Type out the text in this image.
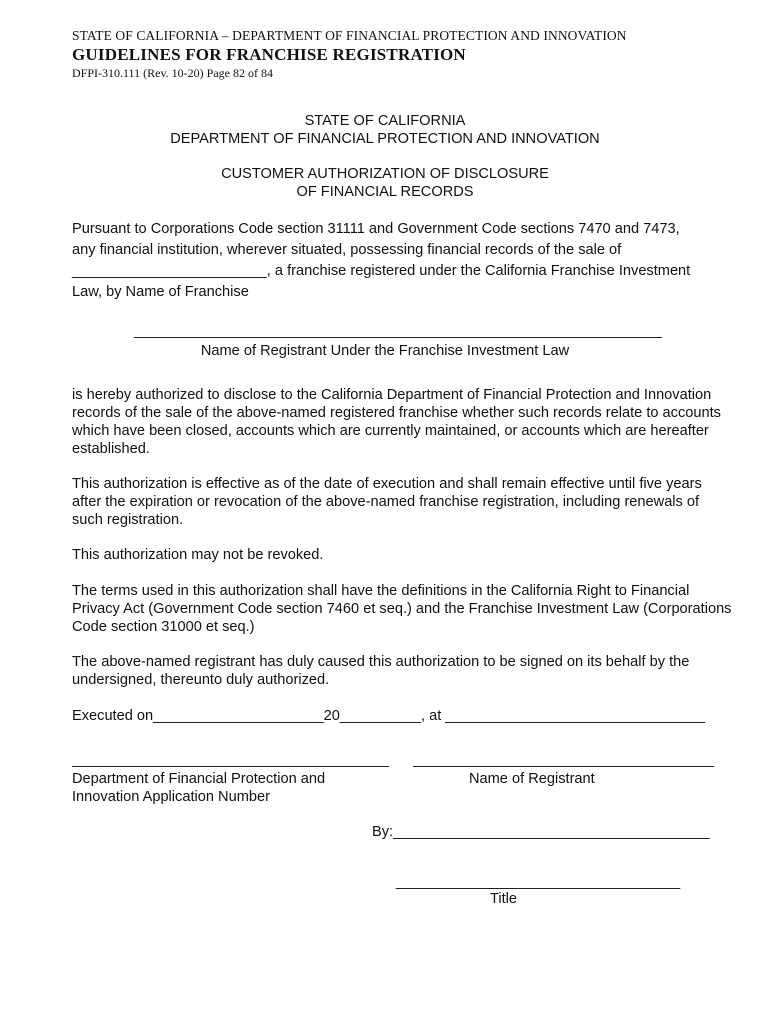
STATE OF CALIFORNIA – DEPARTMENT OF FINANCIAL PROTECTION AND INNOVATION
GUIDELINES FOR FRANCHISE REGISTRATION
DFPI-310.111 (Rev. 10-20) Page 82 of 84
STATE OF CALIFORNIA
DEPARTMENT OF FINANCIAL PROTECTION AND INNOVATION
CUSTOMER AUTHORIZATION OF DISCLOSURE
OF FINANCIAL RECORDS
Pursuant to Corporations Code section 31111 and Government Code sections 7470 and 7473,
any financial institution, wherever situated, possessing financial records of the sale of
________________________, a franchise registered under the California Franchise Investment
Law, by Name of Franchise
Name of Registrant Under the Franchise Investment Law
is hereby authorized to disclose to the California Department of Financial Protection and Innovation records of the sale of the above-named registered franchise whether such records relate to accounts which have been closed, accounts which are currently maintained, or accounts which are hereafter established.
This authorization is effective as of the date of execution and shall remain effective until five years after the expiration or revocation of the above-named franchise registration, including renewals of such registration.
This authorization may not be revoked.
The terms used in this authorization shall have the definitions in the California Right to Financial Privacy Act (Government Code section 7460 et seq.) and the Franchise Investment Law (Corporations Code section 31000 et seq.)
The above-named registrant has duly caused this authorization to be signed on its behalf by the undersigned, thereunto duly authorized.
Executed on_____________________20__________, at ________________________________
Department of Financial Protection and
Innovation Application Number
Name of Registrant
By:_______________________________________
___________________________________
Title
